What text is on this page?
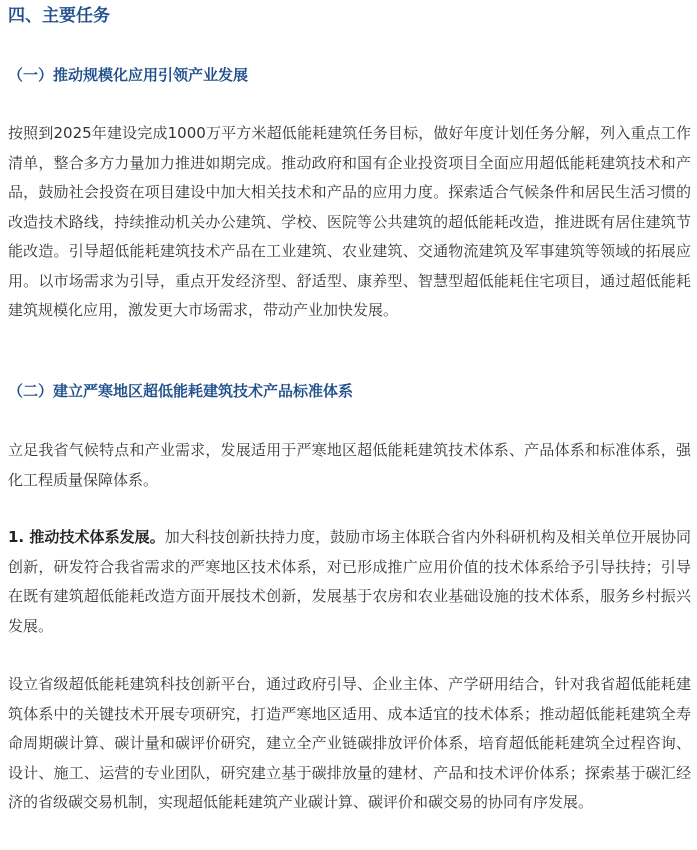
四、主要任务
（一）推动规模化应用引领产业发展

按照到2025年建设完成1000万平方米超低能耗建筑任务目标，做好年度计划任务分解，列入重点工作清单，整合多方力量加力推进如期完成。推动政府和国有企业投资项目全面应用超低能耗建筑技术和产品，鼓励社会投资在项目建设中加大相关技术和产品的应用力度。探索适合气候条件和居民生活习惯的改造技术路线，持续推动机关办公建筑、学校、医院等公共建筑的超低能耗改造，推进既有居住建筑节能改造。引导超低能耗建筑技术产品在工业建筑、农业建筑、交通物流建筑及军事建筑等领域的拓展应用。以市场需求为引导，重点开发经济型、舒适型、康养型、智慧型超低能耗住宅项目，通过超低能耗建筑规模化应用，激发更大市场需求，带动产业加快发展。

（二）建立严寒地区超低能耗建筑技术产品标准体系

立足我省气候特点和产业需求，发展适用于严寒地区超低能耗建筑技术体系、产品体系和标准体系，强化工程质量保障体系。

1. 推动技术体系发展。加大科技创新扶持力度，鼓励市场主体联合省内外科研机构及相关单位开展协同创新，研发符合我省需求的严寒地区技术体系，对已形成推广应用价值的技术体系给予引导扶持；引导在既有建筑超低能耗改造方面开展技术创新，发展基于农房和农业基础设施的技术体系，服务乡村振兴发展。

设立省级超低能耗建筑科技创新平台，通过政府引导、企业主体、产学研用结合，针对我省超低能耗建筑体系中的关键技术开展专项研究，打造严寒地区适用、成本适宜的技术体系；推动超低能耗建筑全寿命周期碳计算、碳计量和碳评价研究，建立全产业链碳排放评价体系，培育超低能耗建筑全过程咨询、设计、施工、运营的专业团队，研究建立基于碳排放量的建材、产品和技术评价体系；探索基于碳汇经济的省级碳交易机制，实现超低能耗建筑产业碳计算、碳评价和碳交易的协同有序发展。
